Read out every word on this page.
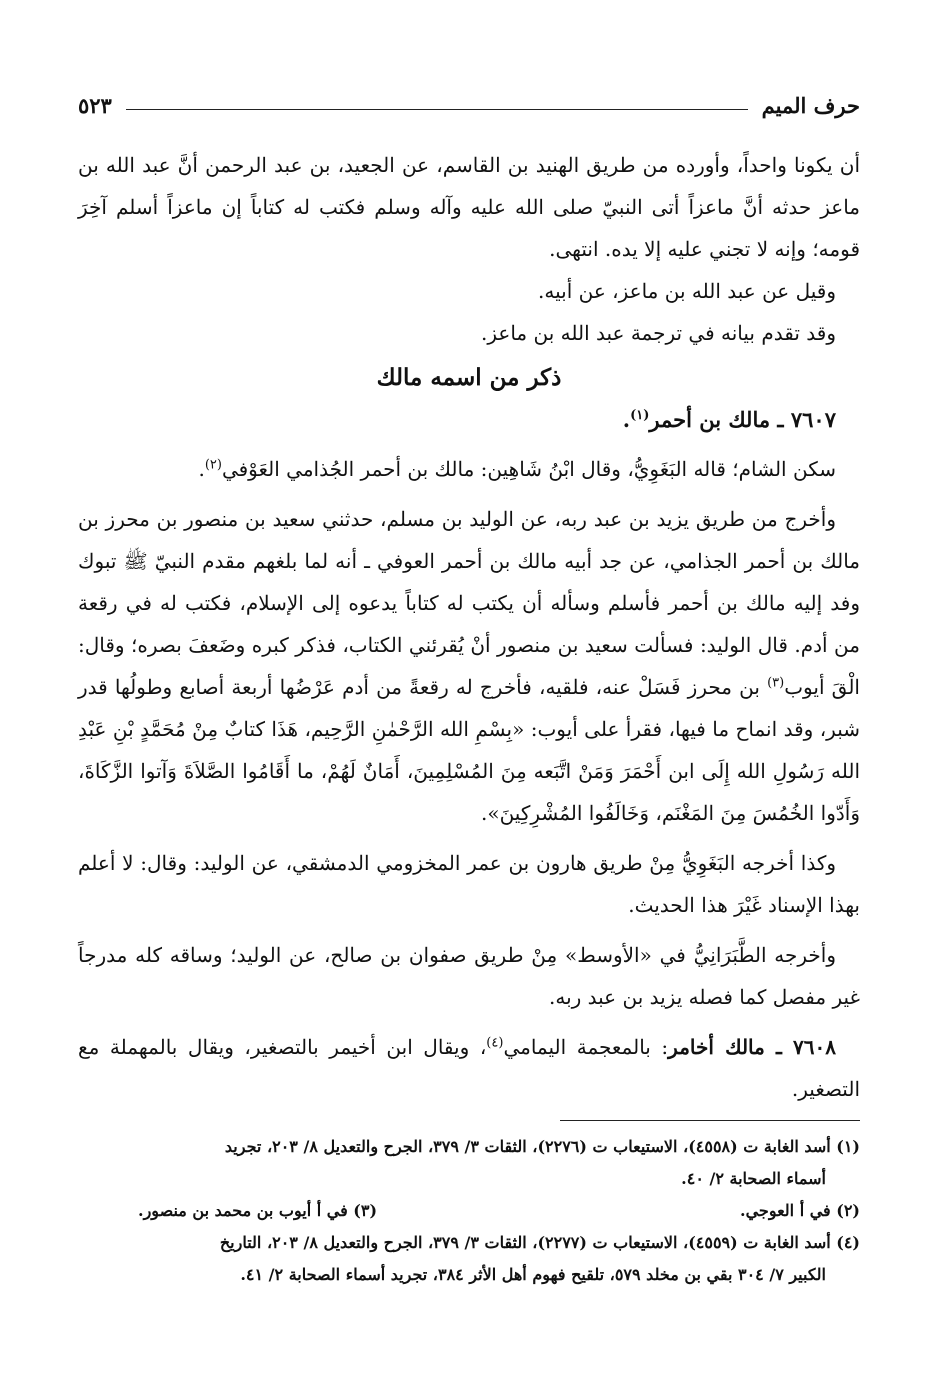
حرف الميم
٥٢٣

أن يكونا واحداً، وأورده من طريق الهنيد بن القاسم، عن الجعيد، بن عبد الرحمن أنَّ عبد الله بن ماعز حدثه أنَّ ماعزاً أتى النبيّ صلى الله عليه وآله وسلم فكتب له كتاباً إن ماعزاً أسلم آخِرَ قومه؛ وإنه لا تجني عليه إلا يده. انتهى.

وقيل عن عبد الله بن ماعز، عن أبيه.

وقد تقدم بيانه في ترجمة عبد الله بن ماعز.

ذكر من اسمه مالك
٧٦٠٧ ـ مالك بن أحمر$^{(١)}$.

سكن الشام؛ قاله البَغَوِيُّ، وقال ابْنُ شَاهِين: مالك بن أحمر الجُذامي العَوْفي$^{(٢)}$.

وأخرج من طريق يزيد بن عبد ربه، عن الوليد بن مسلم، حدثني سعيد بن منصور بن محرز بن مالك بن أحمر الجذامي، عن جد أبيه مالك بن أحمر العوفي ـ أنه لما بلغهم مقدم النبيّ ﷺ تبوك وفد إليه مالك بن أحمر فأسلم وسأله أن يكتب له كتاباً يدعوه إلى الإسلام، فكتب له في رقعة من أدم. قال الوليد: فسألت سعيد بن منصور أنْ يُقرئني الكتاب، فذكر كبره وضَعفَ بصره؛ وقال: الْقَ أيوب$^{(٣)}$ بن محرز فَسَلْ عنه، فلقيه، فأخرج له رقعةً من أدم عَرْضُها أربعة أصابع وطولُها قدر شبر، وقد انماح ما فيها، فقرأ على أيوب: «بِسْمِ الله الرَّحْمٰنِ الرَّحِيم، هَذَا كتابٌ مِنْ مُحَمَّدٍ بْنِ عَبْدِ الله رَسُولِ الله إِلَى ابن أَحْمَرَ وَمَنْ اتَّبَعه مِنَ المُسْلِمِينَ، أَمَانٌ لَهُمْ، ما أَقَامُوا الصَّلاَةَ وَآتوا الزَّكَاةَ، وَأَدّوا الخُمُسَ مِنَ المَغْنَم، وَخَالَفُوا المُشْرِكِينَ».

وكذا أخرجه البَغَوِيُّ مِنْ طريق هارون بن عمر المخزومي الدمشقي، عن الوليد: وقال: لا أعلم بهذا الإسناد غَيْرَ هذا الحديث.

وأخرجه الطَّبَرَانِيُّ في «الأوسط» مِنْ طريق صفوان بن صالح، عن الوليد؛ وساقه كله مدرجاً غير مفصل كما فصله يزيد بن عبد ربه.

٧٦٠٨ ـ مالك أخامر: بالمعجمة اليمامي$^{(٤)}$، ويقال ابن أخيمر بالتصغير، ويقال بالمهملة مع التصغير.

(١) أسد الغابة ت (٤٥٥٨)، الاستيعاب ت (٢٢٧٦)، الثقات ٣/ ٣٧٩، الجرح والتعديل ٨/ ٢٠٣، تجريد
أسماء الصحابة ٢/ ٤٠.
(٢) في أ العوجي.
(٣) في أ أيوب بن محمد بن منصور.
(٤) أسد الغابة ت (٤٥٥٩)، الاستيعاب ت (٢٢٧٧)، الثقات ٣/ ٣٧٩، الجرح والتعديل ٨/ ٢٠٣، التاريخ
الكبير ٧/ ٣٠٤ بقي بن مخلد ٥٧٩، تلقيح فهوم أهل الأثر ٣٨٤، تجريد أسماء الصحابة ٢/ ٤١.
